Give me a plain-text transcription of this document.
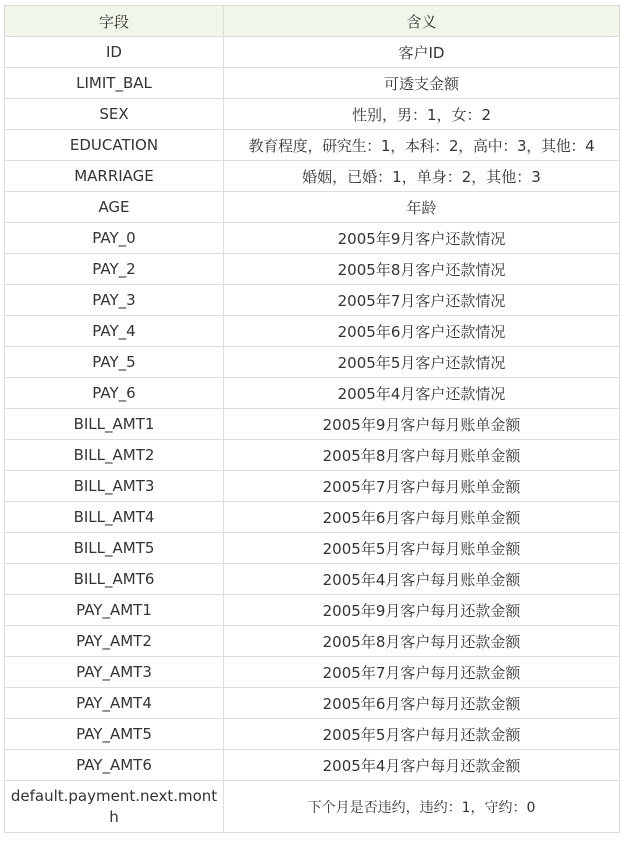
字段	含义
ID	客户ID
LIMIT_BAL	可透支金额
SEX	性别，男：1，女：2
EDUCATION	教育程度，研究生：1，本科：2，高中：3，其他：4
MARRIAGE	婚姻，已婚：1，单身：2，其他：3
AGE	年龄
PAY_0	2005年9月客户还款情况
PAY_2	2005年8月客户还款情况
PAY_3	2005年7月客户还款情况
PAY_4	2005年6月客户还款情况
PAY_5	2005年5月客户还款情况
PAY_6	2005年4月客户还款情况
BILL_AMT1	2005年9月客户每月账单金额
BILL_AMT2	2005年8月客户每月账单金额
BILL_AMT3	2005年7月客户每月账单金额
BILL_AMT4	2005年6月客户每月账单金额
BILL_AMT5	2005年5月客户每月账单金额
BILL_AMT6	2005年4月客户每月账单金额
PAY_AMT1	2005年9月客户每月还款金额
PAY_AMT2	2005年8月客户每月还款金额
PAY_AMT3	2005年7月客户每月还款金额
PAY_AMT4	2005年6月客户每月还款金额
PAY_AMT5	2005年5月客户每月还款金额
PAY_AMT6	2005年4月客户每月还款金额
default.payment.next.month	下个月是否违约，违约：1，守约：0
